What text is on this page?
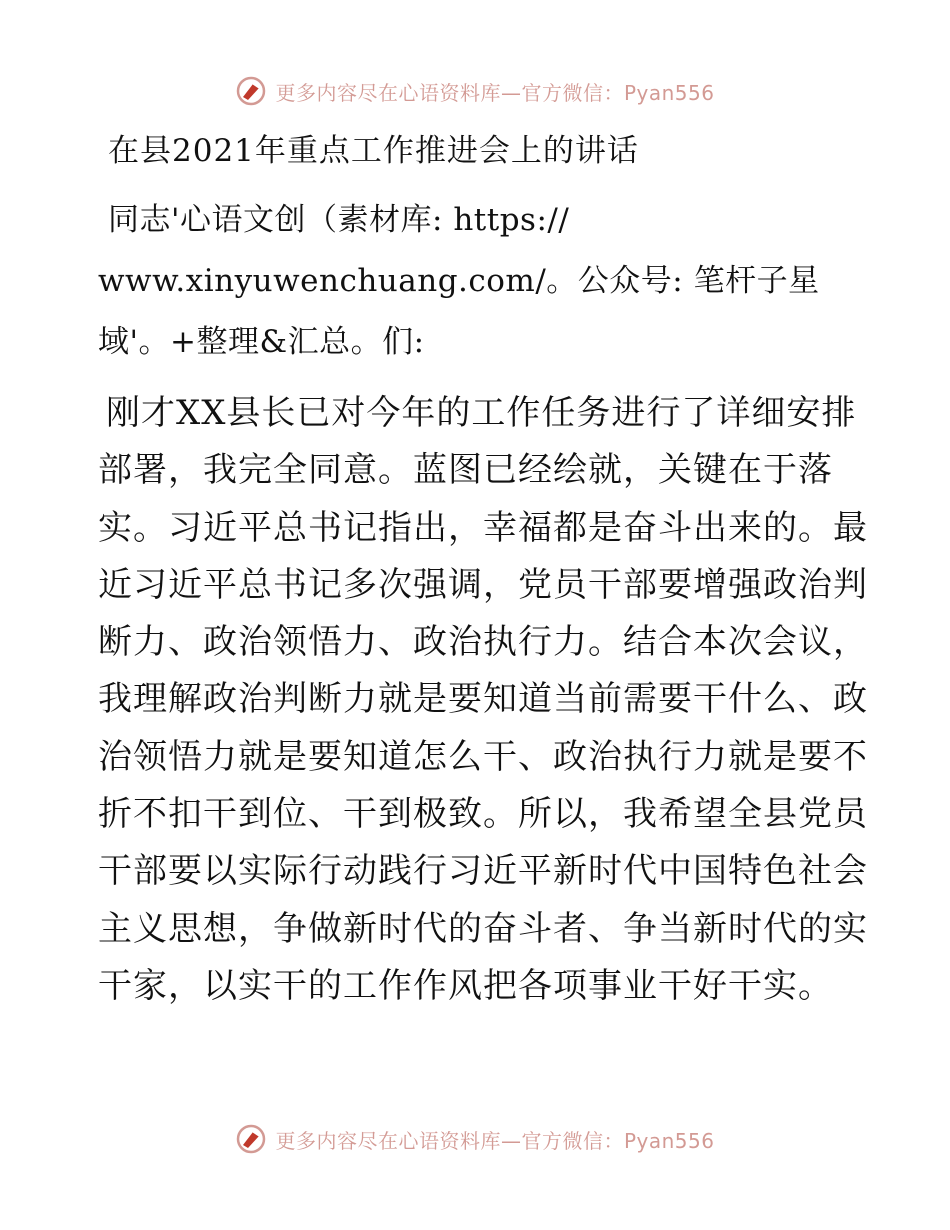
更多内容尽在心语资料库—官方微信：Pyan556
在县2021年重点工作推进会上的讲话
同志'心语文创（素材库: https://
www.xinyuwenchuang.com/。公众号: 笔杆子星
域'。+整理&汇总。们:
刚才XX县长已对今年的工作任务进行了详细安排
部署，我完全同意。蓝图已经绘就，关键在于落
实。习近平总书记指出，幸福都是奋斗出来的。最
近习近平总书记多次强调，党员干部要增强政治判
断力、政治领悟力、政治执行力。结合本次会议，
我理解政治判断力就是要知道当前需要干什么、政
治领悟力就是要知道怎么干、政治执行力就是要不
折不扣干到位、干到极致。所以，我希望全县党员
干部要以实际行动践行习近平新时代中国特色社会
主义思想，争做新时代的奋斗者、争当新时代的实
干家，以实干的工作作风把各项事业干好干实。
更多内容尽在心语资料库—官方微信：Pyan556
